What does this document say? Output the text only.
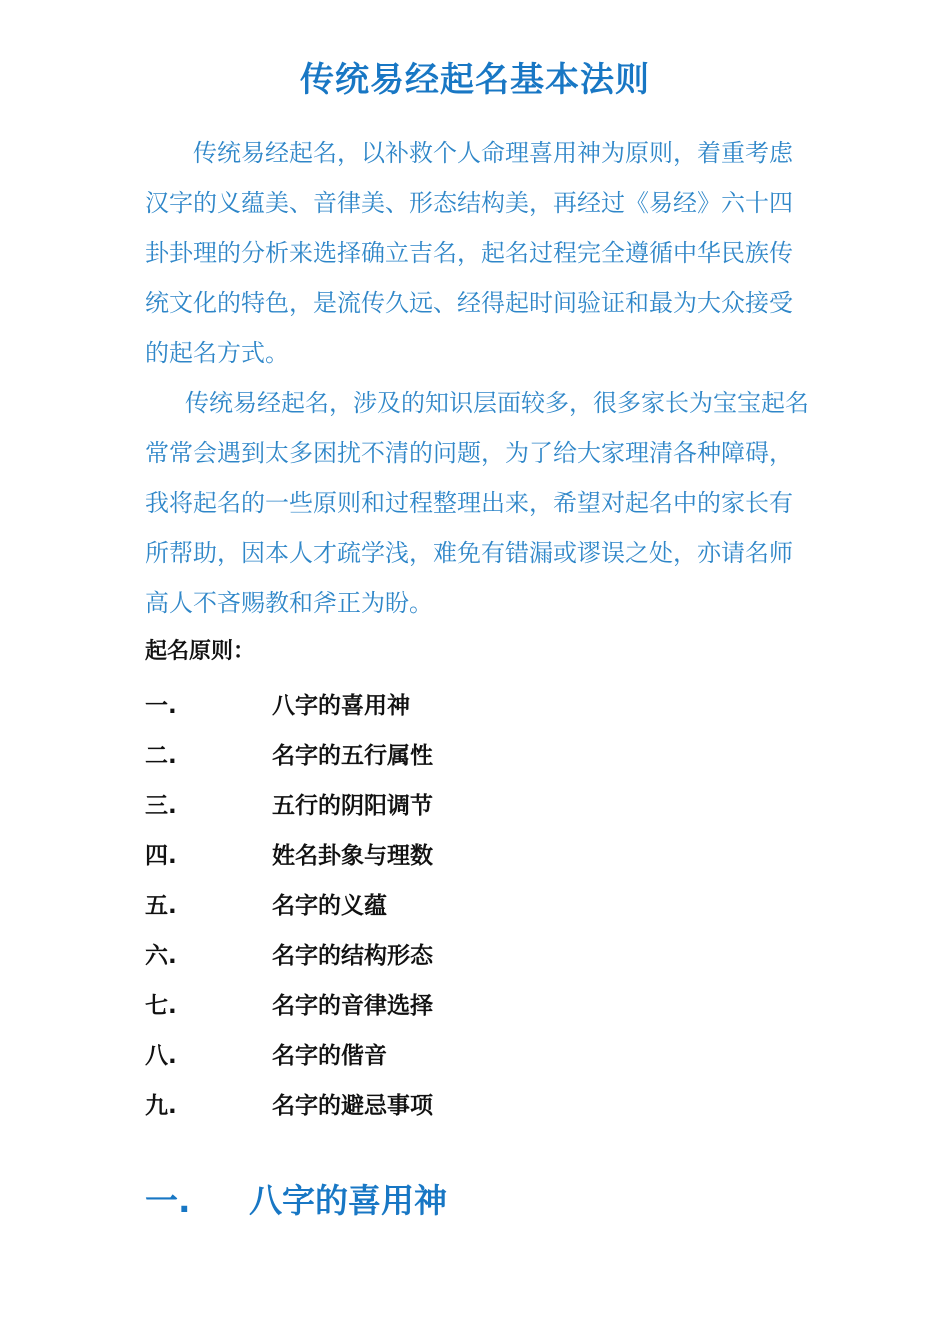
传统易经起名基本法则

传统易经起名，以补救个人命理喜用神为原则，着重考虑汉字的义蕴美、音律美、形态结构美，再经过《易经》六十四卦卦理的分析来选择确立吉名，起名过程完全遵循中华民族传统文化的特色，是流传久远、经得起时间验证和最为大众接受的起名方式。

传统易经起名，涉及的知识层面较多，很多家长为宝宝起名常常会遇到太多困扰不清的问题，为了给大家理清各种障碍，我将起名的一些原则和过程整理出来，希望对起名中的家长有所帮助，因本人才疏学浅，难免有错漏或谬误之处，亦请名师高人不吝赐教和斧正为盼。

起名原则：
一.	八字的喜用神
二.	名字的五行属性
三.	五行的阴阳调节
四.	姓名卦象与理数
五.	名字的义蕴
六.	名字的结构形态
七.	名字的音律选择
八.	名字的偕音
九.	名字的避忌事项
一.	八字的喜用神
